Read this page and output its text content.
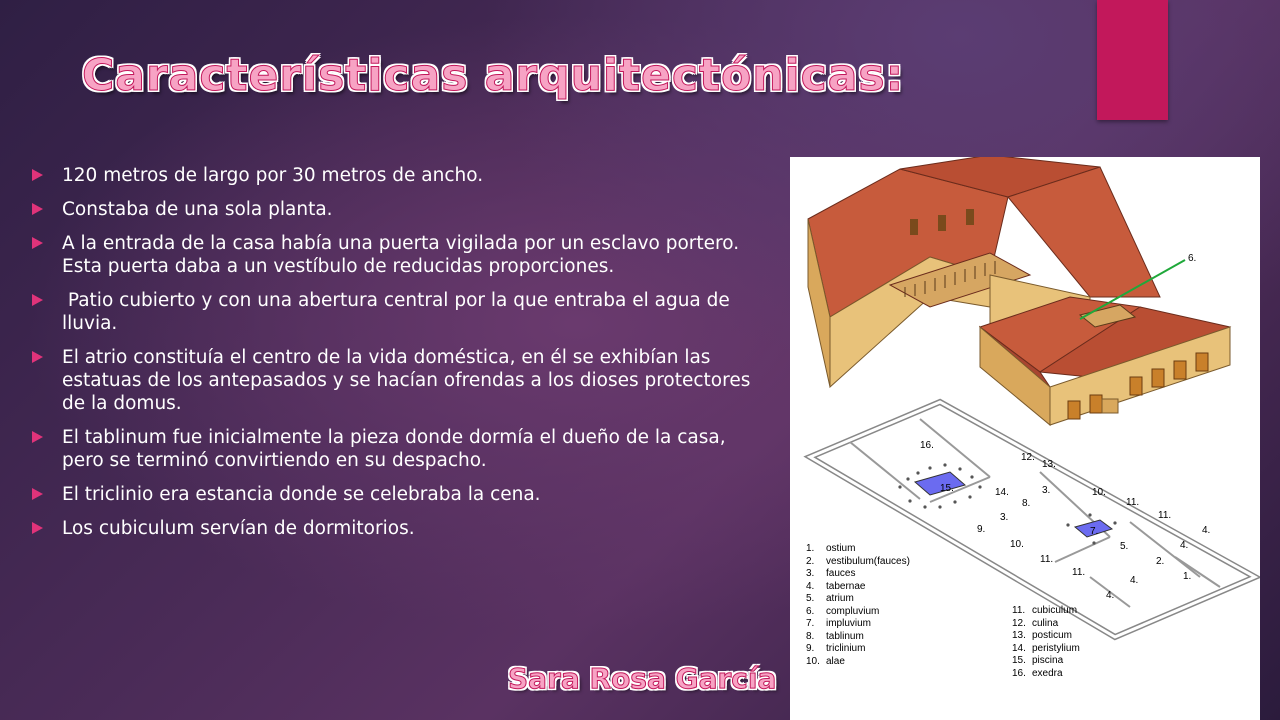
Características arquitectónicas:
120 metros de largo por 30 metros de ancho.
Constaba de una sola planta.
A la entrada de la casa había una puerta vigilada por un esclavo portero. Esta puerta daba a un vestíbulo de reducidas proporciones.
Patio cubierto y con una abertura central por la que entraba el agua de lluvia.
El atrio constituía el centro de la vida doméstica, en él se exhibían las estatuas de los antepasados y se hacían ofrendas a los dioses protectores de la domus.
El tablinum fue inicialmente la pieza donde dormía el dueño de la casa, pero se terminó convirtiendo en su despacho.
El triclinio era estancia donde se celebraba la cena.
Los cubiculum servían de dormitorios.
Sara Rosa García
6.
16.
12.
13.
15.	14.
8.
3.	10.
11.
11.
4.
3.
9.	7.
10.	5.	4.
11.	2.
11.
4.	1.
4.
1.	ostium
2.	vestibulum(fauces)
3.	fauces
4.	tabernae
5.	atrium
6.	compluvium
7.	impluvium
8.	tablinum
9.	triclinium
10. alae
11. cubiculum
12. culina
13. posticum
14. peristylium
15. piscina
16. exedra
